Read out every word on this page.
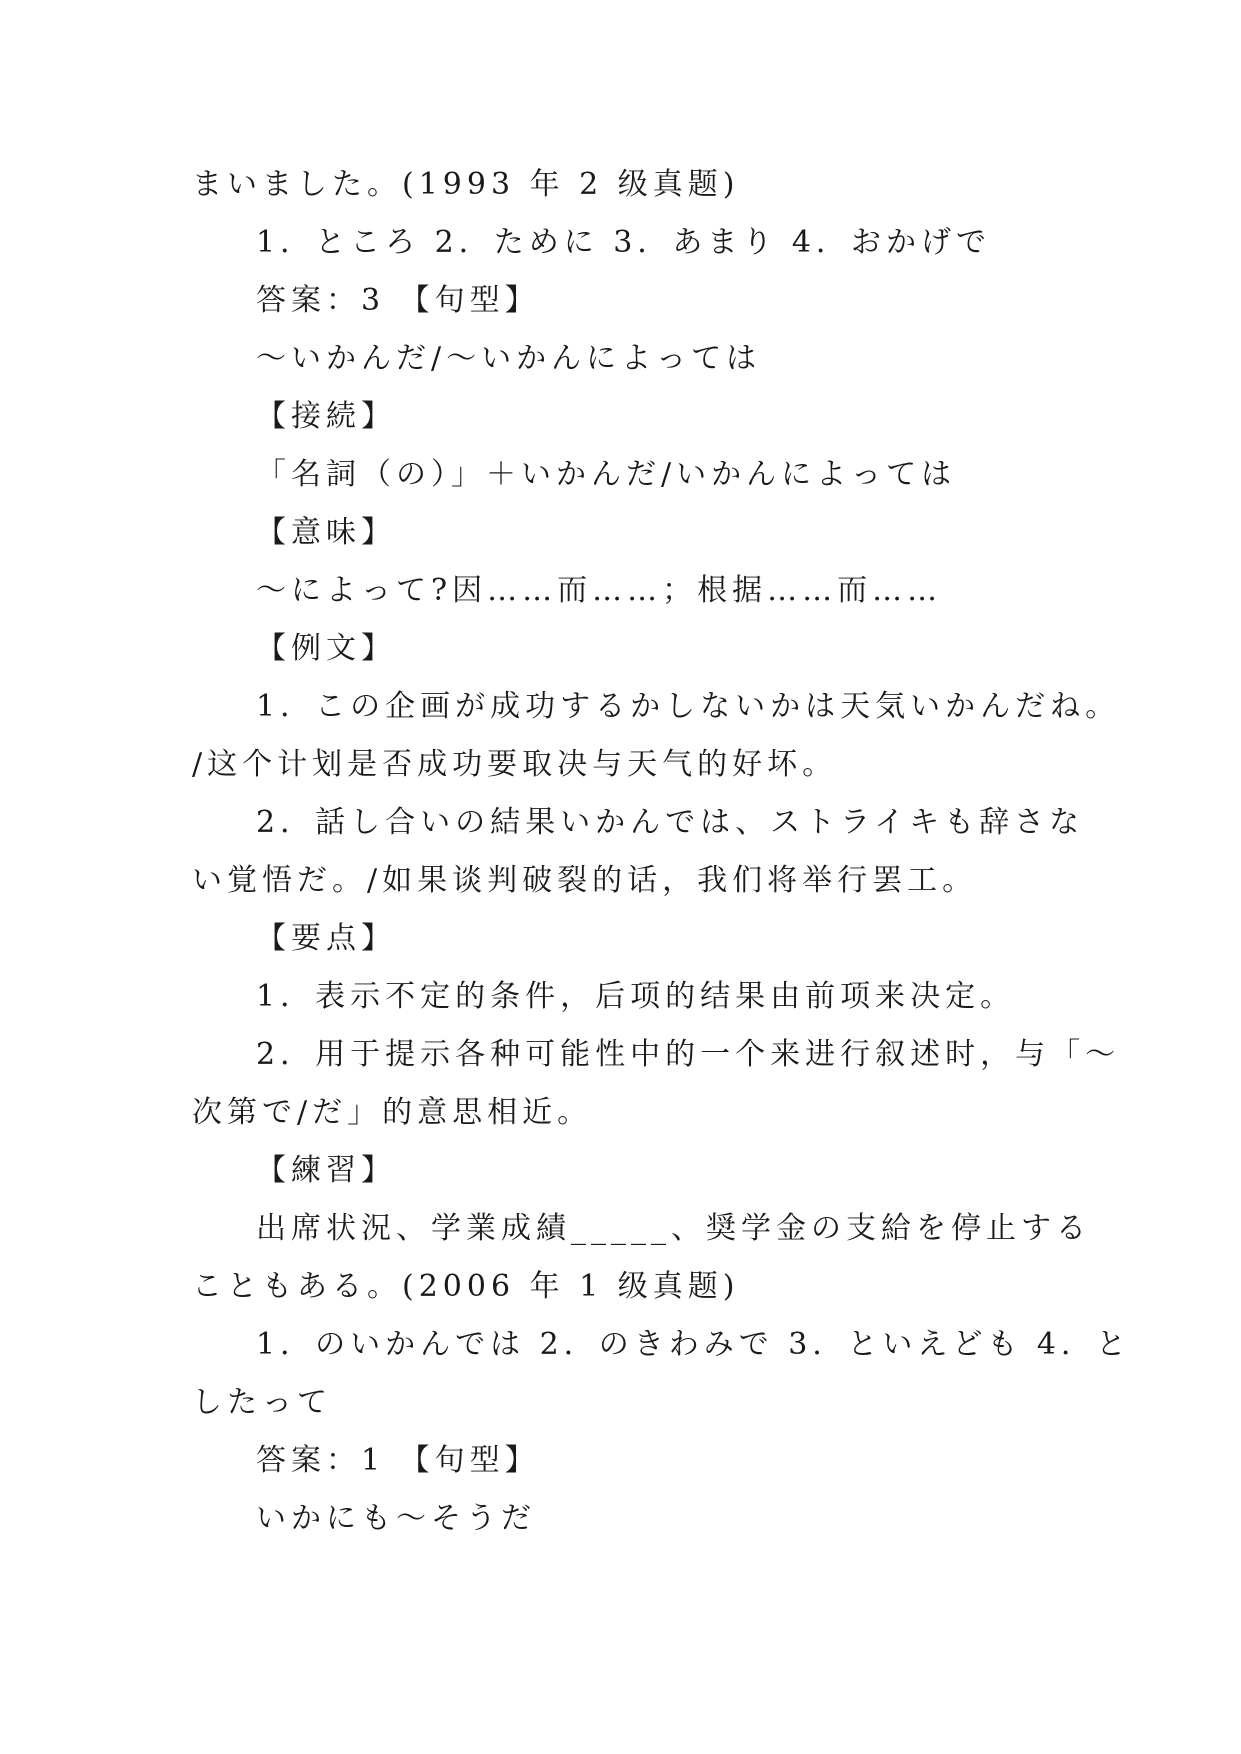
まいました。(1993 年 2 级真题)
1．ところ 2．ために 3．あまり 4．おかげで
答案：3 【句型】
～いかんだ/～いかんによっては
【接続】
「名詞（の）」＋いかんだ/いかんによっては
【意味】
～によって?因……而……；根据……而……
【例文】
1．この企画が成功するかしないかは天気いかんだね。
/这个计划是否成功要取决与天气的好坏。
2．話し合いの結果いかんでは、ストライキも辞さな
い覚悟だ。/如果谈判破裂的话，我们将举行罢工。
【要点】
1．表示不定的条件，后项的结果由前项来决定。
2．用于提示各种可能性中的一个来进行叙述时，与「～
次第で/だ」的意思相近。
【練習】
出席状況、学業成績_____、奨学金の支給を停止する
こともある。(2006 年 1 级真题)
1．のいかんでは 2．のきわみで 3．といえども 4．と
したって
答案：1 【句型】
いかにも～そうだ
